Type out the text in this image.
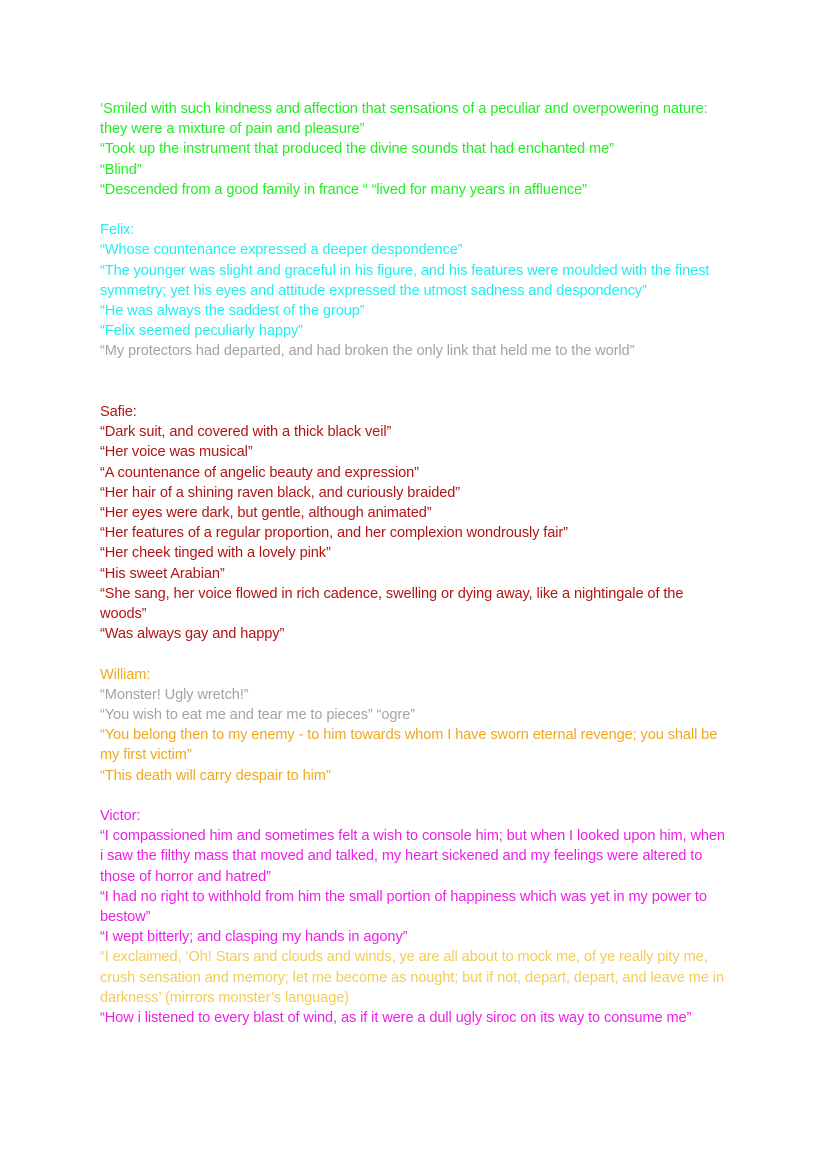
‘Smiled with such kindness and affection that sensations of a peculiar and overpowering nature: they were a mixture of pain and pleasure”
“Took up the instrument that produced the divine sounds that had enchanted me”
“Blind”
“Descended from a good family in france “ “lived for many years in affluence”
Felix:
“Whose countenance expressed a deeper despondence”
“The younger was slight and graceful in his figure, and his features were moulded with the finest symmetry; yet his eyes and attitude expressed the utmost sadness and despondency”
“He was always the saddest of the group”
“Felix seemed peculiarly happy”
“My protectors had departed, and had broken the only link that held me to the world”
Safie:
“Dark suit, and covered with a thick black veil”
“Her voice was musical”
“A countenance of angelic beauty and expression”
“Her hair of a shining raven black, and curiously braided”
“Her eyes were dark, but gentle, although animated”
“Her features of a regular proportion, and her complexion wondrously fair”
“Her cheek tinged with a lovely pink”
“His sweet Arabian”
“She sang, her voice flowed in rich cadence, swelling or dying away, like a nightingale of the woods”
“Was always gay and happy”
William:
“Monster! Ugly wretch!”
“You wish to eat me and tear me to pieces” “ogre”
“You belong then to my enemy - to him towards whom I have sworn eternal revenge; you shall be my first victim”
“This death will carry despair to him”
Victor:
“I compassioned him and sometimes felt a wish to console him; but when I looked upon him, when i saw the filthy mass that moved and talked, my heart sickened and my feelings were altered to those of horror and hatred”
“I had no right to withhold from him the small portion of happiness which was yet in my power to bestow”
“I wept bitterly; and clasping my hands in agony”
“I exclaimed, ‘Oh! Stars and clouds and winds, ye are all about to mock me, of ye really pity me, crush sensation and memory; let me become as nought; but if not, depart, depart, and leave me in darkness’ (mirrors monster’s language)
“How i listened to every blast of wind, as if it were a dull ugly siroc on its way to consume me”
